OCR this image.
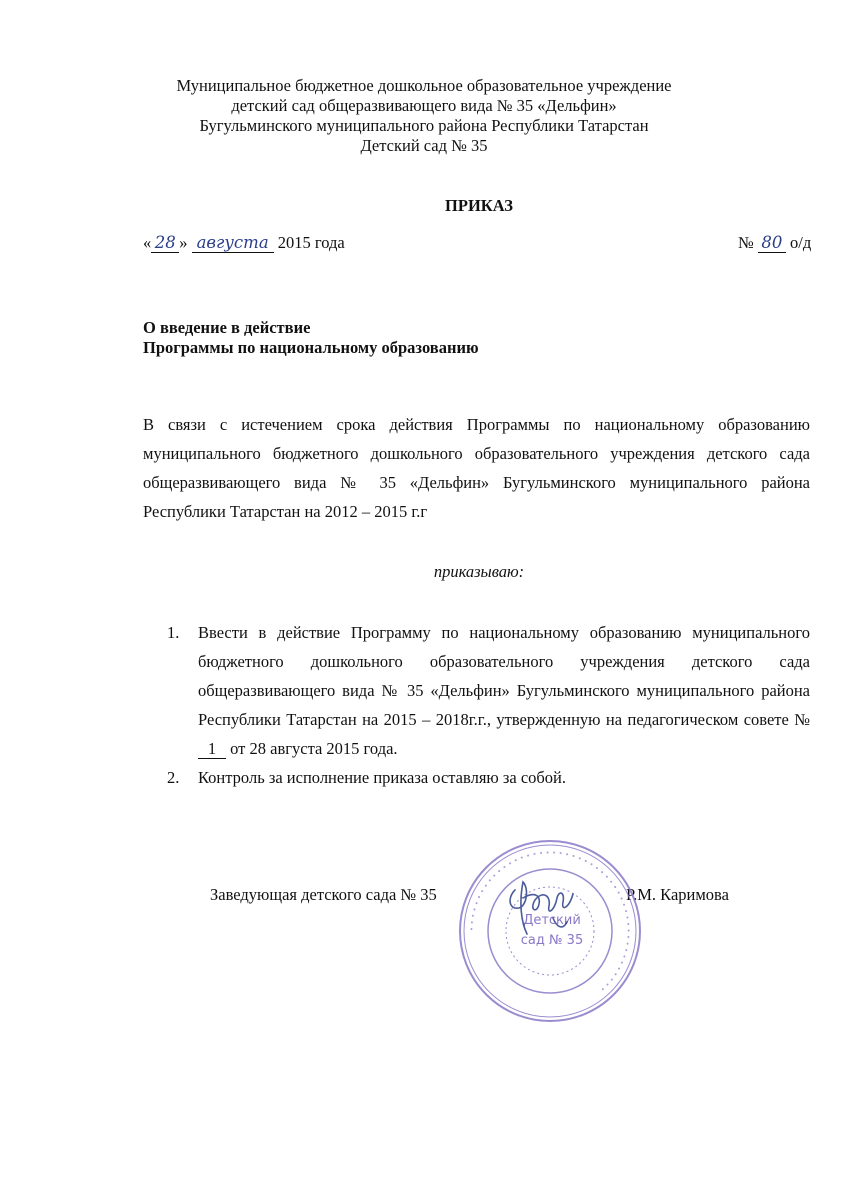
Муниципальное бюджетное дошкольное образовательное учреждение
детский сад общеразвивающего вида № 35 «Дельфин»
Бугульминского муниципального района Республики Татарстан
Детский сад № 35
ПРИКАЗ
« 28 » августа 2015 года	№ 80 о/д
О введение в действие
Программы по национальному образованию
В связи с истечением срока действия Программы по национальному образованию муниципального бюджетного дошкольного образовательного учреждения детского сада общеразвивающего вида № 35 «Дельфин» Бугульминского муниципального района Республики Татарстан на 2012 – 2015 г.г
приказываю:
1. Ввести в действие Программу по национальному образованию муниципального бюджетного дошкольного образовательного учреждения детского сада общеразвивающего вида № 35 «Дельфин» Бугульминского муниципального района Республики Татарстан на 2015 – 2018г.г., утвержденную на педагогическом совете № 1 от 28 августа 2015 года.
2. Контроль за исполнение приказа оставляю за собой.
Заведующая детского сада № 35	Р.М. Каримова
• • • • • • • • • • • • • • • • • • • • • • • • • • • • • • • • • • • • • • • • • • • • • • • •
Детский
сад № 35
